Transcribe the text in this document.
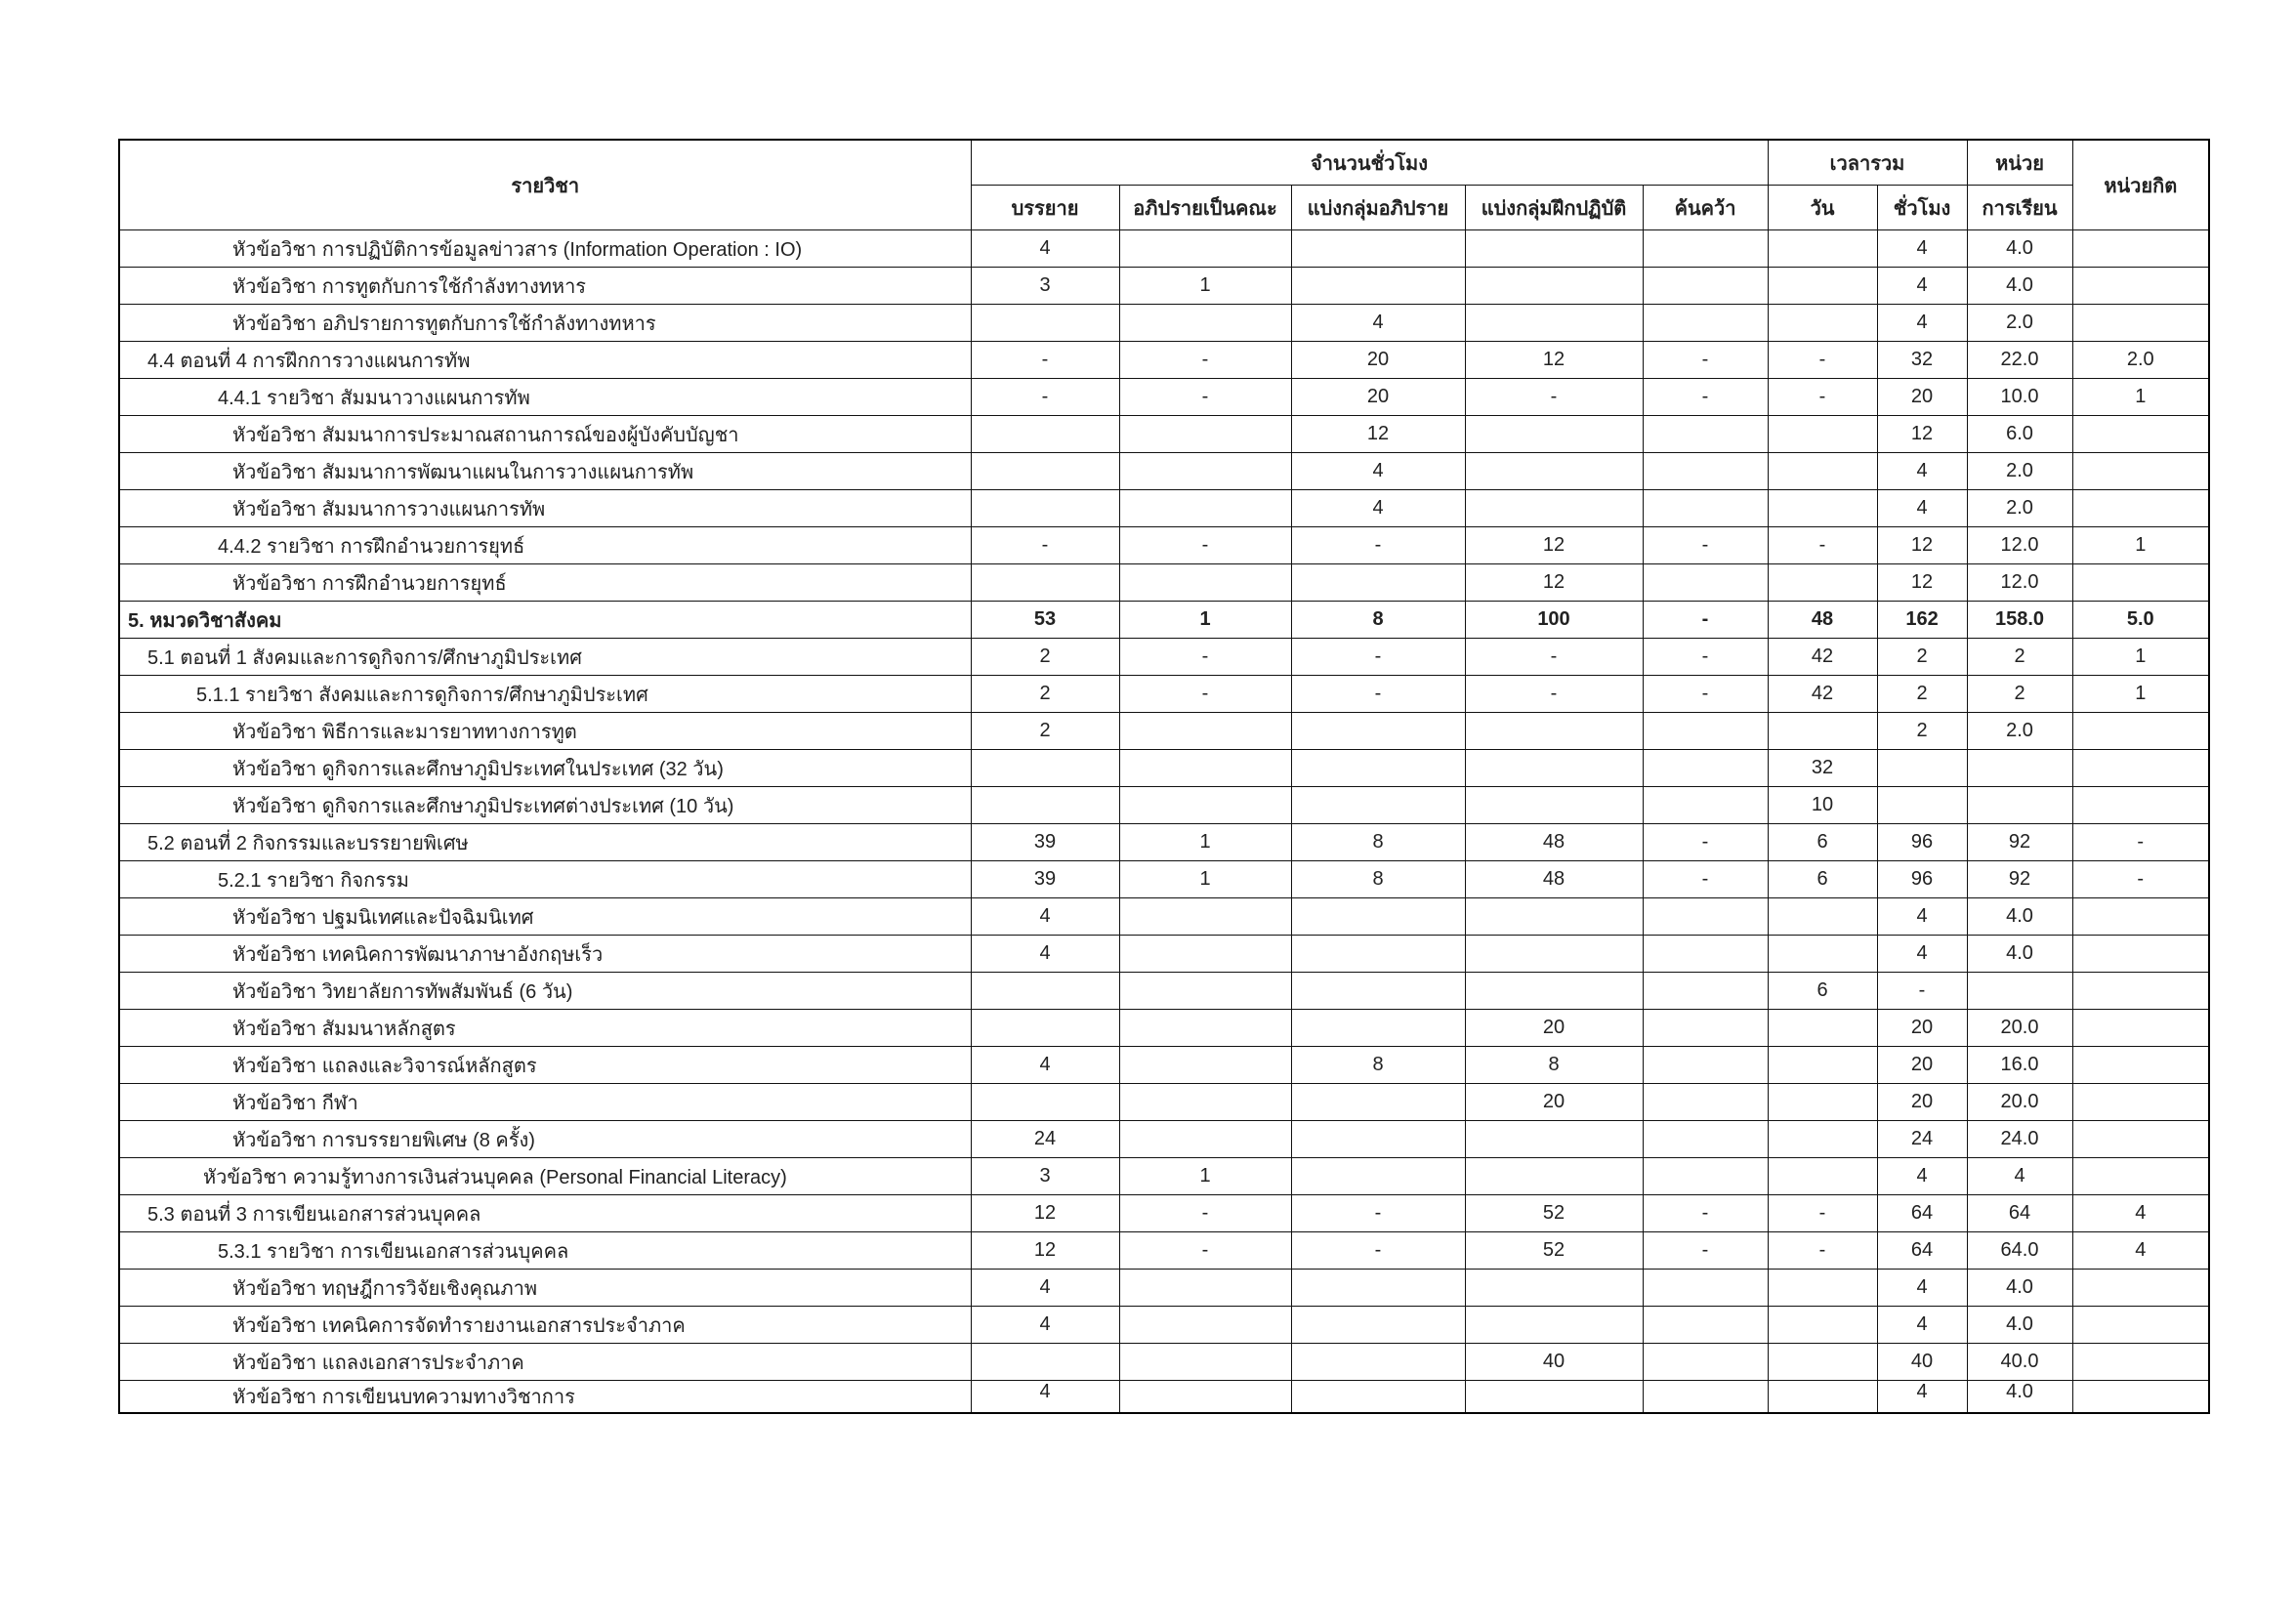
รายวิชา	จำนวนชั่วโมง					เวลารวม		หน่วย	หน่วยกิต
	บรรยาย	อภิปรายเป็นคณะ	แบ่งกลุ่มอภิปราย	แบ่งกลุ่มฝึกปฏิบัติ	ค้นคว้า	วัน	ชั่วโมง	การเรียน	
หัวข้อวิชา การปฏิบัติการข้อมูลข่าวสาร (Information Operation : IO)	4						4	4.0	
หัวข้อวิชา การทูตกับการใช้กำลังทางทหาร	3	1					4	4.0	
หัวข้อวิชา อภิปรายการทูตกับการใช้กำลังทางทหาร			4				4	2.0	
4.4 ตอนที่ 4 การฝึกการวางแผนการทัพ	-	-	20	12	-	-	32	22.0	2.0
4.4.1 รายวิชา สัมมนาวางแผนการทัพ	-	-	20	-	-	-	20	10.0	1
หัวข้อวิชา สัมมนาการประมาณสถานการณ์ของผู้บังคับบัญชา			12				12	6.0	
หัวข้อวิชา สัมมนาการพัฒนาแผนในการวางแผนการทัพ			4				4	2.0	
หัวข้อวิชา สัมมนาการวางแผนการทัพ			4				4	2.0	
4.4.2 รายวิชา การฝึกอำนวยการยุทธ์	-	-	-	12	-	-	12	12.0	1
หัวข้อวิชา การฝึกอำนวยการยุทธ์				12			12	12.0	
5. หมวดวิชาสังคม	53	1	8	100	-	48	162	158.0	5.0
5.1 ตอนที่ 1 สังคมและการดูกิจการ/ศึกษาภูมิประเทศ	2	-	-	-	-	42	2	2	1
5.1.1 รายวิชา สังคมและการดูกิจการ/ศึกษาภูมิประเทศ	2	-	-	-	-	42	2	2	1
หัวข้อวิชา พิธีการและมารยาททางการทูต	2						2	2.0	
หัวข้อวิชา ดูกิจการและศึกษาภูมิประเทศในประเทศ (32 วัน)						32			
หัวข้อวิชา ดูกิจการและศึกษาภูมิประเทศต่างประเทศ (10 วัน)						10			
5.2 ตอนที่ 2 กิจกรรมและบรรยายพิเศษ	39	1	8	48	-	6	96	92	-
5.2.1 รายวิชา กิจกรรม	39	1	8	48	-	6	96	92	-
หัวข้อวิชา ปฐมนิเทศและปัจฉิมนิเทศ	4						4	4.0	
หัวข้อวิชา เทคนิคการพัฒนาภาษาอังกฤษเร็ว	4						4	4.0	
หัวข้อวิชา วิทยาลัยการทัพสัมพันธ์ (6 วัน)						6	-		
หัวข้อวิชา สัมมนาหลักสูตร				20			20	20.0	
หัวข้อวิชา แถลงและวิจารณ์หลักสูตร	4		8	8			20	16.0	
หัวข้อวิชา กีฬา				20			20	20.0	
หัวข้อวิชา การบรรยายพิเศษ (8 ครั้ง)	24						24	24.0	
หัวข้อวิชา ความรู้ทางการเงินส่วนบุคคล (Personal Financial Literacy)	3	1					4	4	
5.3 ตอนที่ 3 การเขียนเอกสารส่วนบุคคล	12	-	-	52	-	-	64	64	4
5.3.1 รายวิชา การเขียนเอกสารส่วนบุคคล	12	-	-	52	-	-	64	64.0	4
หัวข้อวิชา ทฤษฎีการวิจัยเชิงคุณภาพ	4						4	4.0	
หัวข้อวิชา เทคนิคการจัดทำรายงานเอกสารประจำภาค	4						4	4.0	
หัวข้อวิชา แถลงเอกสารประจำภาค				40			40	40.0	
หัวข้อวิชา การเขียนบทความทางวิชาการ	4						4	4.0	
